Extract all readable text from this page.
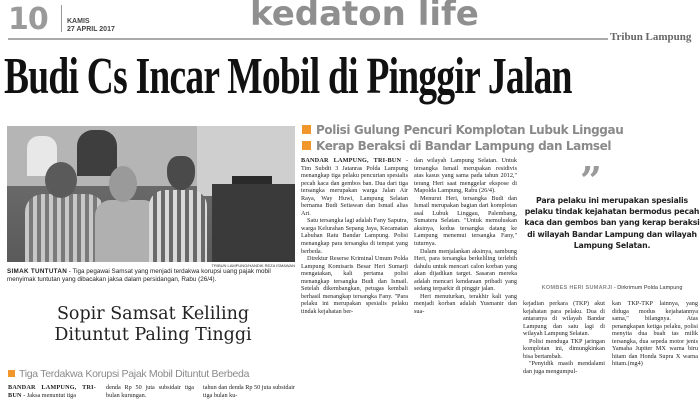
10	KAMIS
27 APRIL 2017	kedaton life
Tribun Lampung
Budi Cs Incar Mobil di Pinggir Jalan
TRIBUN LAMPUNG/HANDIK REZA ISMAWAN
SIMAK TUNTUTAN - Tiga pegawai Samsat yang menjadi terdakwa korupsi uang pajak mobil menyimak tuntutan yang dibacakan jaksa dalam persidangan, Rabu (26/4).
Sopir Samsat Keliling
Dituntut Paling Tinggi
Tiga Terdakwa Korupsi Pajak Mobil Dituntut Berbeda

BANDAR LAMPUNG, TRI-BUN - Jaksa menuntut tiga

denda Rp 50 juta subsidair tiga bulan kurungan.

tahun dan denda Rp 50 juta subsidair tiga bulan ku-

Polisi Gulung Pencuri Komplotan Lubuk Linggau
Kerap Beraksi di Bandar Lampung dan Lamsel

BANDAR LAMPUNG, TRI-BUN - Tim Subdit 3 Jatanras Polda Lampung menangkap tiga pelaku pencurian spesialis pecah kaca dan gembos ban. Dua dari tiga tersangka merupakan warga Jalan Air Raya, Way Huwi, Lampung Selatan bernama Budi Setiawan dan Ismail alias Ari.

Satu tersangka lagi adalah Fany Saputra, warga Kelurahan Sepang Jaya, Kecamatan Labuhan Ratu Bandar Lampung. Polisi menangkap para tersangka di tempat yang berbeda.

Direktur Reserse Kriminal Umum Polda Lampung Komisaris Besar Heri Sumarji mengatakan, kali pertama polisi menangkap tersangka Budi dan Ismail. Setelah dikembangkan, petugas kembali berhasil menangkap tersangka Fany. "Para pelaku ini merupakan spesialis pelaku tindak kejahatan ber-

dan wilayah Lampung Selatan. Untuk tersangka Ismail merupakan residivis atas kasus yang sama pada tahun 2012," terang Heri saat menggelar ekspose di Mapolda Lampung, Rabu (26/4).

Menurut Heri, tersangka Budi dan Ismail merupakan bagian dari komplotan asal Lubuk Linggau, Palembang, Sumatera Selatan. "Untuk memuluskan aksinya, kedua tersangka datang ke Lampung menemui tersangka Fany," tuturnya.

Dalam menjalankan aksinya, sambung Heri, para tersangka berkeliling terlebih dahulu untuk mencari calon korban yang akan dijadikan target. Sasaran mereka adalah mencari kendaraan pribadi yang sedang terparkir di pinggir jalan.

Heri menuturkan, terakhir kali yang menjadi korban adalah Yusmanir dan sua-

”
Para pelaku ini merupakan spesialis pelaku tindak kejahatan bermodus pecah kaca dan gembos ban yang kerap beraksi di wilayah Bandar Lampung dan wilayah Lampung Selatan.
KOMBES HERI SUMARJI - Dirkrimum Polda Lampung

kejadian perkara (TKP) akut kejahatan para pelaku. Dua di antaranya di wilayah Bandar Lampung dan satu lagi di wilayah Lampung Selatan.

Polisi menduga TKP jaringan komplotan ini, dimungkinkan bisa bertambah.

"Penyidik masih mendalami dan juga mengumpul-

kan TKP-TKP lainnya, yang diduga modus kejahatannya sama," bilangnya. Atas penangkapan ketiga pelaku, polisi menyita dua buah tas milik tersangka, dua sepeda motor jenis Yamaha Jupiter MX warna biru hitam dan Honda Supra X warna hitam.(mg4)
